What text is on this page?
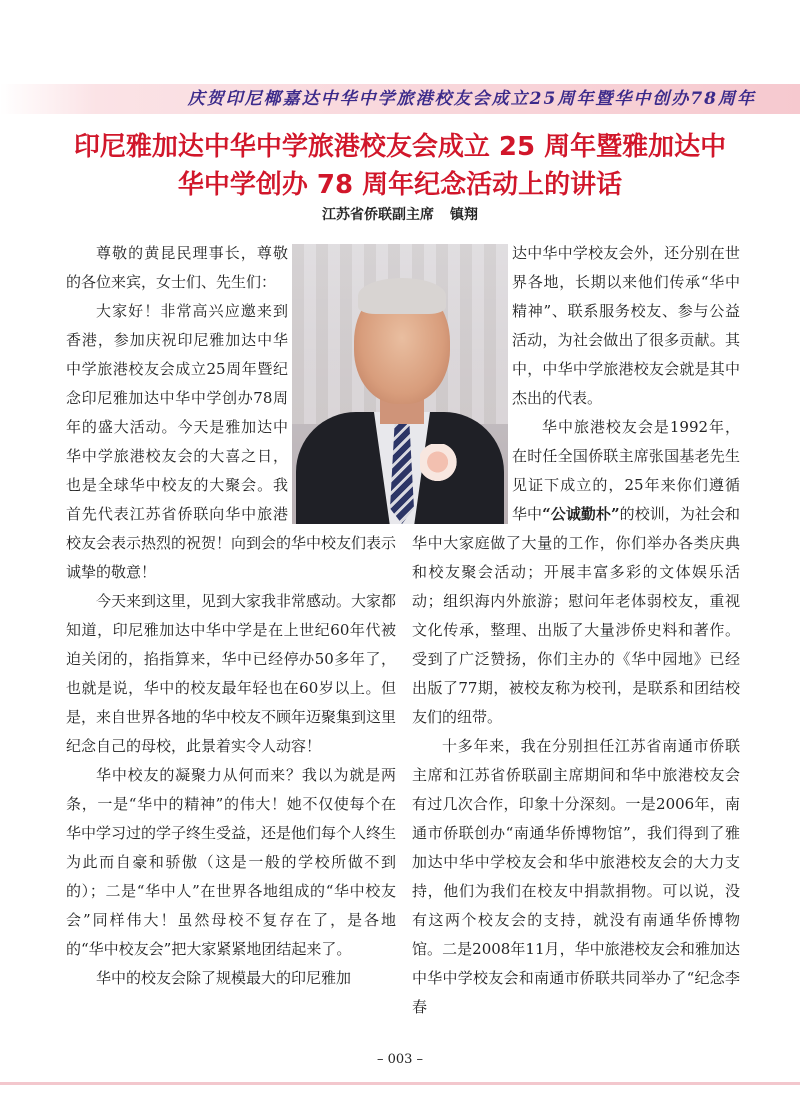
庆贺印尼椰嘉达中华中学旅港校友会成立25周年暨华中创办78周年
印尼雅加达中华中学旅港校友会成立 25 周年暨雅加达中
华中学创办 78 周年纪念活动上的讲话
江苏省侨联副主席 镇翔

尊敬的黄昆民理事长，尊敬的各位来宾，女士们、先生们：

大家好！非常高兴应邀来到香港，参加庆祝印尼雅加达中华中学旅港校友会成立25周年暨纪念印尼雅加达中华中学创办78周年的盛大活动。今天是雅加达中华中学旅港校友会的大喜之日，也是全球华中校友的大聚会。我首先代表江苏省侨联向华中旅港校友会表示热烈的祝贺！向到会的华中校友们表示诚挚的敬意！

今天来到这里，见到大家我非常感动。大家都知道，印尼雅加达中华中学是在上世纪60年代被迫关闭的，掐指算来，华中已经停办50多年了，也就是说，华中的校友最年轻也在60岁以上。但是，来自世界各地的华中校友不顾年迈聚集到这里纪念自己的母校，此景着实令人动容！

华中校友的凝聚力从何而来？我以为就是两条，一是“华中的精神”的伟大！她不仅使每个在华中学习过的学子终生受益，还是他们每个人终生为此而自豪和骄傲（这是一般的学校所做不到的）；二是“华中人”在世界各地组成的“华中校友会”同样伟大！虽然母校不复存在了，是各地的“华中校友会”把大家紧紧地团结起来了。

华中的校友会除了规模最大的印尼雅加

达中华中学校友会外，还分别在世界各地，长期以来他们传承“华中精神”、联系服务校友、参与公益活动，为社会做出了很多贡献。其中，中华中学旅港校友会就是其中杰出的代表。

华中旅港校友会是1992年，在时任全国侨联主席张国基老先生见证下成立的，25年来你们遵循华中“公诚勤朴”的校训，为社会和华中大家庭做了大量的工作，你们举办各类庆典和校友聚会活动；开展丰富多彩的文体娱乐活动；组织海内外旅游；慰问年老体弱校友，重视文化传承，整理、出版了大量涉侨史料和著作。受到了广泛赞扬，你们主办的《华中园地》已经出版了77期，被校友称为校刊，是联系和团结校友们的纽带。

十多年来，我在分别担任江苏省南通市侨联主席和江苏省侨联副主席期间和华中旅港校友会有过几次合作，印象十分深刻。一是2006年，南通市侨联创办“南通华侨博物馆”，我们得到了雅加达中华中学校友会和华中旅港校友会的大力支持，他们为我们在校友中捐款捐物。可以说，没有这两个校友会的支持，就没有南通华侨博物馆。二是2008年11月，华中旅港校友会和雅加达中华中学校友会和南通市侨联共同举办了“纪念李春

– 003 –
